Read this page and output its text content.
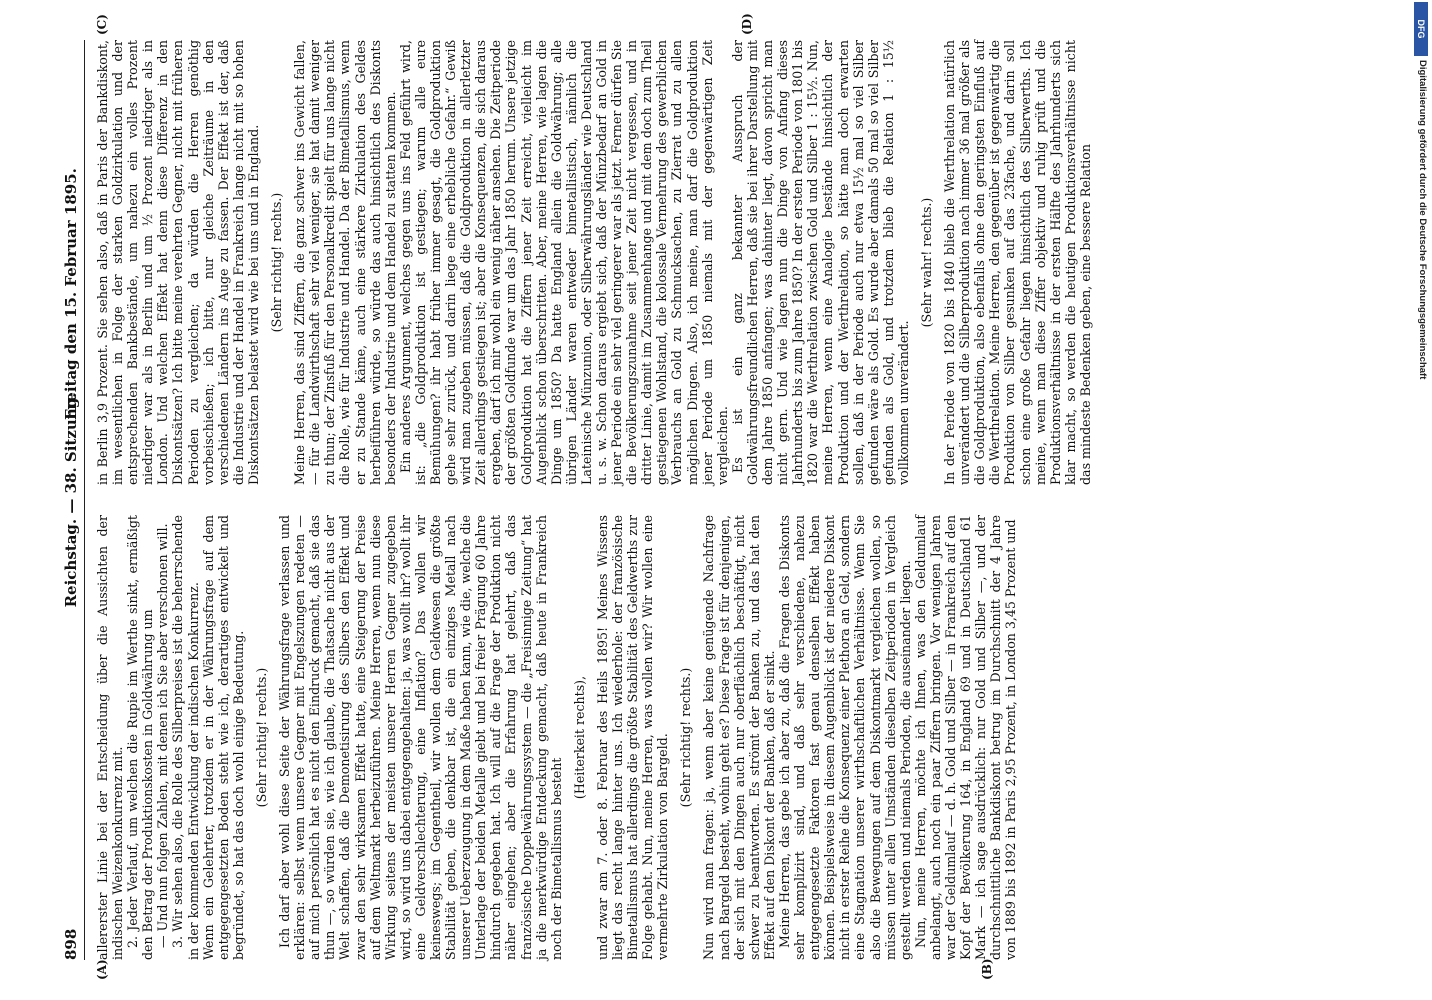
898
Reichstag. — 38. Sitzung.
Freitag den 15. Februar 1895.
(A)	(B)
(C)	(D)

allererster Linie bei der Entscheidung über die Aussichten der indischen Weizenkonkurrenz mit. 2. Jeder Verlauf, um welchen die Rupie im Werthe sinkt, ermäßigt den Betrag der Produktionskosten in Goldwährung um — Und nun folgen Zahlen, mit denen ich Sie aber verschonen will. 3. Wir sehen also, die Rolle des Silberpreises ist die beherrschende in der kommenden Entwicklung der indischen Konkurrenz. Wenn ein Gelehrter, trotzdem er in der Währungsfrage auf dem entgegengesetzten Boden steht wie ich, derartiges entwickelt und begründet, so hat das doch wohl einige Bedeutung. (Sehr richtig! rechts.) Ich darf aber wohl diese Seite der Währungsfrage verlassen und erklären: selbst wenn unsere Gegner mit Engelszungen redeten — auf mich persönlich hat es nicht den Eindruck gemacht, daß sie das thun —, so würden sie, wie ich glaube, die Thatsache nicht aus der Welt schaffen, daß die Demonetisirung des Silbers den Effekt und zwar den sehr wirksamen Effekt hatte, eine Steigerung der Preise auf dem Weltmarkt herbeizuführen. Meine Herren, wenn nun diese Wirkung seitens der meisten unserer Herren Gegner zugegeben wird, so wird uns dabei entgegengehalten: ja, was wollt ihr? wollt ihr eine Geldverschlechterung, eine Inflation? Das wollen wir keineswegs; im Gegentheil, wir wollen dem Geldwesen die größte Stabilität geben, die denkbar ist, die ein einziges Metall nach unserer Ueberzeugung in dem Maße haben kann, wie die, welche die Unterlage der beiden Metalle giebt und bei freier Prägung 60 Jahre hindurch gegeben hat. Ich will auf die Frage der Produktion nicht näher eingehen; aber die Erfahrung hat gelehrt, daß das französische Doppelwährungssystem — die „Freisinnige Zeitung“ hat ja die merkwürdige Entdeckung gemacht, daß heute in Frankreich noch der Bimetallismus besteht

(Heiterkeit rechts), und zwar am 7. oder 8. Februar des Heils 1895! Meines Wissens liegt das recht lange hinter uns. Ich wiederhole: der französische Bimetallismus hat allerdings die größte Stabilität des Geldwerths zur Folge gehabt. Nun, meine Herren, was wollen wir? Wir wollen eine vermehrte Zirkulation von Bargeld. (Sehr richtig! rechts.) Nun wird man fragen: ja, wenn aber keine genügende Nachfrage nach Bargeld besteht, wohin geht es? Diese Frage ist für denjenigen, der sich mit den Dingen auch nur oberflächlich beschäftigt, nicht schwer zu beantworten. Es strömt der Banken zu, und das hat den Effekt auf den Diskont der Banken, daß er sinkt. Meine Herren, das gebe ich aber zu, daß die Fragen des Diskonts sehr komplizirt sind, und daß sehr verschiedene, nahezu entgegengesetzte Faktoren fast genau denselben Effekt haben können. Beispielsweise in diesem Augenblick ist der niedere Diskont nicht in erster Reihe die Konsequenz einer Plethora an Geld, sondern eine Stagnation unserer wirthschaftlichen Verhältnisse. Wenn Sie also die Bewegungen auf dem Diskontmarkt vergleichen wollen, so müssen unter allen Umständen dieselben Zeitperioden in Vergleich gestellt werden und niemals Perioden, die auseinander liegen. Nun, meine Herren, möchte ich Ihnen, was den Geldumlauf anbelangt, auch noch ein paar Ziffern bringen. Vor wenigen Jahren war der Geldumlauf — d. h. Gold und Silber — in Frankreich auf den Kopf der Bevölkerung 164, in England 69 und in Deutschland 61 Mark — ich sage ausdrücklich: nur Gold und Silber —, und der durchschnittliche Bankdiskont betrug im Durchschnitt der 4 Jahre von 1889 bis 1892 in Paris 2,95 Prozent, in London 3,45 Prozent und

in Berlin 3,9 Prozent. Sie sehen also, daß in Paris der Bankdiskont, im wesentlichen in Folge der starken Goldzirkulation und der entsprechenden Bankbestände, um nahezu ein volles Prozent niedriger war als in Berlin und um ½ Prozent niedriger als in London. Und welchen Effekt hat denn diese Differenz in den Diskontsätzen? Ich bitte meine verehrten Gegner, nicht mit früheren Perioden zu vergleichen; da würden die Herren genöthig vorbeischießen; ich bitte, nur gleiche Zeiträume in den verschiedenen Ländern ins Auge zu fassen. Der Effekt ist der, daß die Industrie und der Handel in Frankreich lange nicht mit so hohen Diskontsätzen belastet wird wie bei uns und in England. (Sehr richtig! rechts.) Meine Herren, das sind Ziffern, die ganz schwer ins Gewicht fallen, — für die Landwirthschaft sehr viel weniger, sie hat damit weniger zu thun; der Zinsfuß für den Personalkredit spielt für uns lange nicht die Rolle, wie für Industrie und Handel. Da der Bimetallismus, wenn er zu Stande käme, auch eine stärkere Zirkulation des Geldes herbeiführen würde, so würde das auch hinsichtlich des Diskonts besonders der Industrie und dem Handel zu statten kommen. Ein anderes Argument, welches gegen uns ins Feld geführt wird, ist: „die Goldproduktion ist gestiegen; warum alle eure Bemühungen? ihr habt früher immer gesagt, die Goldproduktion gehe sehr zurück, und darin liege eine erhebliche Gefahr.“ Gewiß wird man zugeben müssen, daß die Goldproduktion in allerletzter Zeit allerdings gestiegen ist; aber die Konsequenzen, die sich daraus ergeben, darf ich mir wohl ein wenig näher ansehen. Die Zeitperiode der größten Goldfunde war um das Jahr 1850 herum. Unsere jetzige Goldproduktion hat die Ziffern jener Zeit erreicht, vielleicht im Augenblick schon überschritten. Aber, meine Herren, wie lagen die Dinge um 1850? Da hatte England allein die Goldwährung; alle übrigen Länder waren entweder bimetallistisch, nämlich die Lateinische Münzunion, oder Silberwährungsländer wie Deutschland u. s. w. Schon daraus ergiebt sich, daß der Münzbedarf an Gold in jener Periode ein sehr viel geringerer war als jetzt. Ferner dürfen Sie die Bevölkerungszunahme seit jener Zeit nicht vergessen, und in dritter Linie, damit im Zusammenhange und mit dem doch zum Theil gestiegenen Wohlstand, die kolossale Vermehrung des gewerblichen Verbrauchs an Gold zu Schmucksachen, zu Zierrat und zu allen möglichen Dingen. Also, ich meine, man darf die Goldproduktion jener Periode um 1850 niemals mit der gegenwärtigen Zeit vergleichen. Es ist ein ganz bekannter Ausspruch der Goldwährungsfreundlichen Herren, daß sie bei ihrer Darstellung mit dem Jahre 1850 anfangen; was dahinter liegt, davon spricht man nicht gern. Und wie lagen nun die Dinge von Anfang dieses Jahrhunderts bis zum Jahre 1850? In der ersten Periode von 1801 bis 1820 war die Werthrelation zwischen Gold und Silber 1 : 15½. Nun, meine Herren, wenn eine Analogie bestände hinsichtlich der Produktion und der Werthrelation, so hätte man doch erwarten sollen, daß in der Periode auch nur etwa 15½ mal so viel Silber gefunden wäre als Gold. Es wurde aber damals 50 mal so viel Silber gefunden als Gold, und trotzdem blieb die Relation 1 : 15½ vollkommen unverändert.

(Sehr wahr! rechts.) In der Periode von 1820 bis 1840 blieb die Werthrelation natürlich unverändert und die Silberproduktion nach immer 36 mal größer als die Goldproduktion, also ebenfalls ohne den geringsten Einfluß auf die Werthrelation. Meine Herren, den gegenüber ist gegenwärtig die Produktion von Silber gesunken auf das 23fache, und darin soll schon eine große Gefahr liegen hinsichtlich des Silberwerths. Ich meine, wenn man diese Ziffer objektiv und ruhig prüft und die Produktionsverhältnisse in der ersten Hälfte des Jahrhunderts sich klar macht, so werden die heutigen Produktionsverhältnisse nicht das mindeste Bedenken geben, eine bessere Relation

DFG
Digitalisierung gefördert durch die Deutsche Forschungsgemeinschaft
